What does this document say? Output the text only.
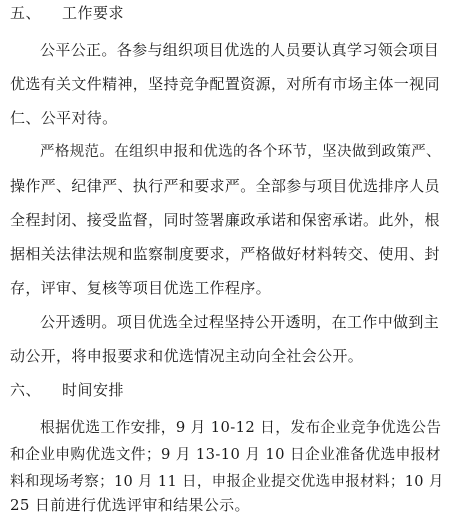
五、 工作要求
公平公正。各参与组织项目优选的人员要认真学习领会项目
优选有关文件精神，坚持竞争配置资源，对所有市场主体一视同
仁、公平对待。
严格规范。在组织申报和优选的各个环节，坚决做到政策严、
操作严、纪律严、执行严和要求严。全部参与项目优选排序人员
全程封闭、接受监督，同时签署廉政承诺和保密承诺。此外，根
据相关法律法规和监察制度要求，严格做好材料转交、使用、封
存，评审、复核等项目优选工作程序。
公开透明。项目优选全过程坚持公开透明，在工作中做到主
动公开，将申报要求和优选情况主动向全社会公开。
六、 时间安排
根据优选工作安排，9 月 10-12 日，发布企业竞争优选公告
和企业申购优选文件；9 月 13-10 月 10 日企业准备优选申报材
料和现场考察；10 月 11 日，申报企业提交优选申报材料；10 月
25 日前进行优选评审和结果公示。
